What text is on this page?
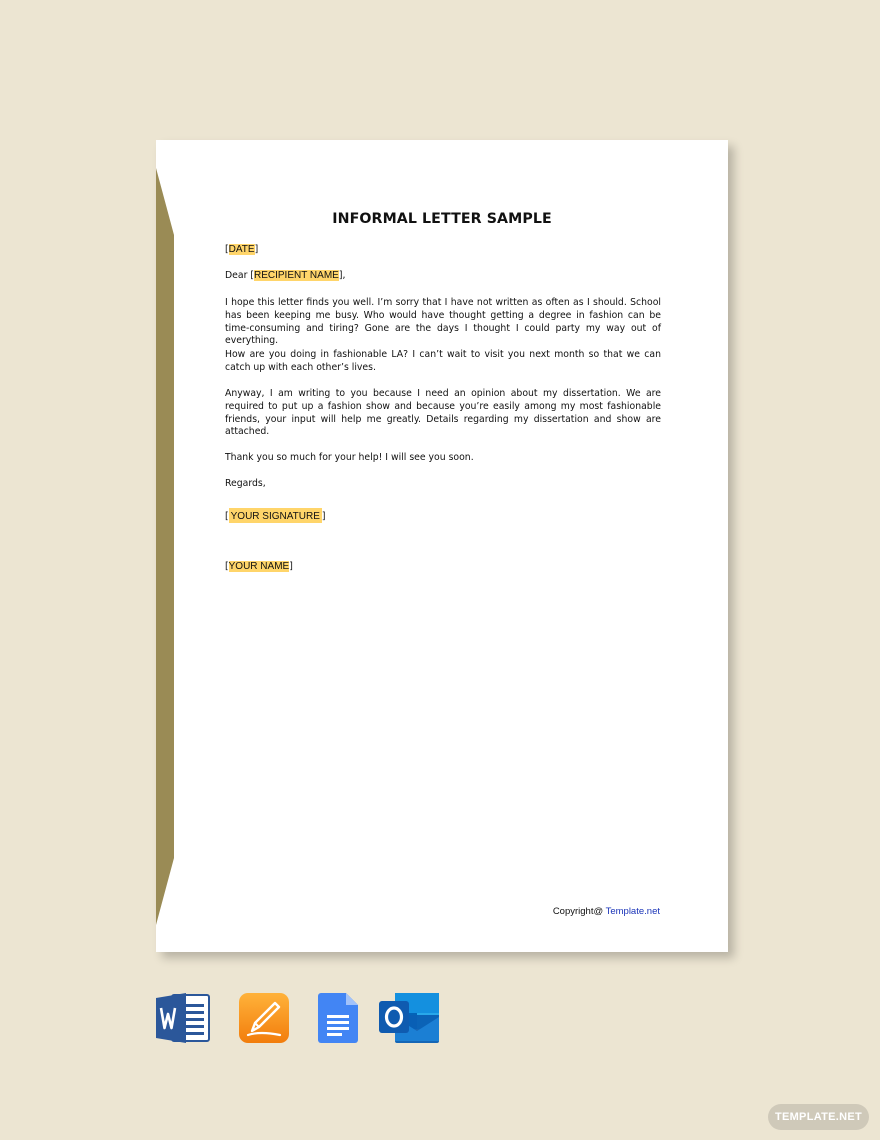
INFORMAL LETTER SAMPLE
[DATE]
Dear [RECIPIENT NAME],
I hope this letter finds you well. I’m sorry that I have not written as often as I should. School has been keeping me busy. Who would have thought getting a degree in fashion can be time-consuming and tiring? Gone are the days I thought I could party my way out of everything.
How are you doing in fashionable LA? I can’t wait to visit you next month so that we can catch up with each other’s lives.
Anyway, I am writing to you because I need an opinion about my dissertation. We are required to put up a fashion show and because you’re easily among my most fashionable friends, your input will help me greatly. Details regarding my dissertation and show are attached.
Thank you so much for your help! I will see you soon.
Regards,
[ YOUR SIGNATURE ]
[YOUR NAME]
Copyright@ Template.net
TEMPLATE.NET
